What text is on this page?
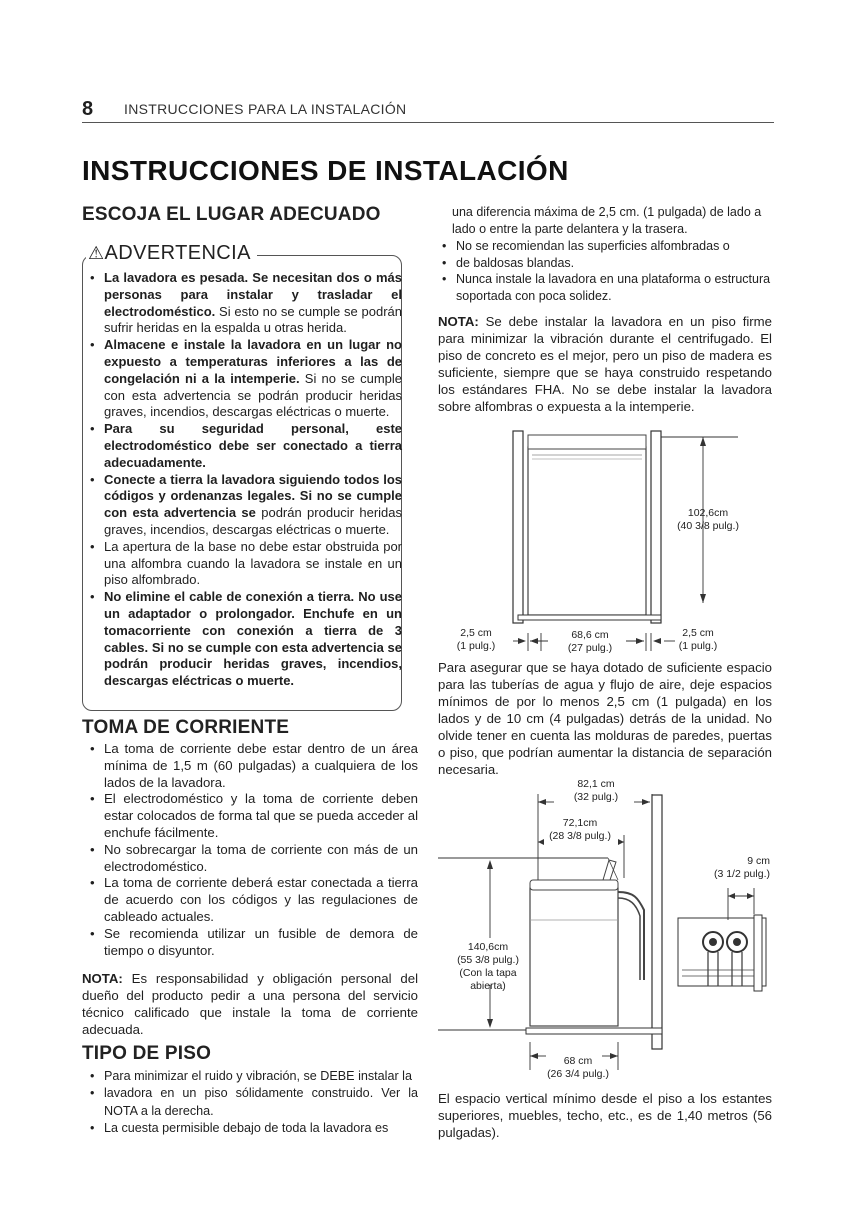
8 INSTRUCCIONES PARA LA INSTALACIÓN
INSTRUCCIONES DE INSTALACIÓN
ESCOJA EL LUGAR ADECUADO
⚠ADVERTENCIA
• La lavadora es pesada. Se necesitan dos o más personas para instalar y trasladar el electrodoméstico. Si esto no se cumple se podrán sufrir heridas en la espalda u otras herida.
• Almacene e instale la lavadora en un lugar no expuesto a temperaturas inferiores a las de congelación ni a la intemperie. Si no se cumple con esta advertencia se podrán producir heridas graves, incendios, descargas eléctricas o muerte.
• Para su seguridad personal, este electrodoméstico debe ser conectado a tierra adecuadamente.
• Conecte a tierra la lavadora siguiendo todos los códigos y ordenanzas legales. Si no se cumple con esta advertencia se podrán producir heridas graves, incendios, descargas eléctricas o muerte.
• La apertura de la base no debe estar obstruida por una alfombra cuando la lavadora se instale en un piso alfombrado.
• No elimine el cable de conexión a tierra. No use un adaptador o prolongador. Enchufe en un tomacorriente con conexión a tierra de 3 cables. Si no se cumple con esta advertencia se podrán producir heridas graves, incendios, descargas eléctricas o muerte.
TOMA DE CORRIENTE
• La toma de corriente debe estar dentro de un área mínima de 1,5 m (60 pulgadas) a cualquiera de los lados de la lavadora.
• El electrodoméstico y la toma de corriente deben estar colocados de forma tal que se pueda acceder al enchufe fácilmente.
• No sobrecargar la toma de corriente con más de un electrodoméstico.
• La toma de corriente deberá estar conectada a tierra de acuerdo con los códigos y las regulaciones de cableado actuales.
• Se recomienda utilizar un fusible de demora de tiempo o disyuntor.
NOTA: Es responsabilidad y obligación personal del dueño del producto pedir a una persona del servicio técnico calificado que instale la toma de corriente adecuada.
TIPO DE PISO
• Para minimizar el ruido y vibración, se DEBE instalar la
• lavadora en un piso sólidamente construido. Ver la NOTA a la derecha.
• La cuesta permisible debajo de toda la lavadora es
una diferencia máxima de 2,5 cm. (1 pulgada) de lado a lado o entre la parte delantera y la trasera.
• No se recomiendan las superficies alfombradas o
• de baldosas blandas.
• Nunca instale la lavadora en una plataforma o estructura soportada con poca solidez.
NOTA: Se debe instalar la lavadora en un piso firme para minimizar la vibración durante el centrifugado. El piso de concreto es el mejor, pero un piso de madera es suficiente, siempre que se haya construido respetando los estándares FHA. No se debe instalar la lavadora sobre alfombras o expuesta a la intemperie.
102,6cm
(40 3/8 pulg.)
2,5 cm
(1 pulg.)
68,6 cm
(27 pulg.)
2,5 cm
(1 pulg.)
Para asegurar que se haya dotado de suficiente espacio para las tuberías de agua y flujo de aire, deje espacios mínimos de por lo menos 2,5 cm (1 pulgada) en los lados y de 10 cm (4 pulgadas) detrás de la unidad. No olvide tener en cuenta las molduras de paredes, puertas o piso, que podrían aumentar la distancia de separación necesaria.
82,1 cm
(32 pulg.)
72,1cm
(28 3/8 pulg.)
9 cm
(3 1/2 pulg.)
140,6cm
(55 3/8 pulg.)
(Con la tapa
abierta)
68 cm
(26 3/4 pulg.)
El espacio vertical mínimo desde el piso a los estantes superiores, muebles, techo, etc., es de 1,40 metros (56 pulgadas).
